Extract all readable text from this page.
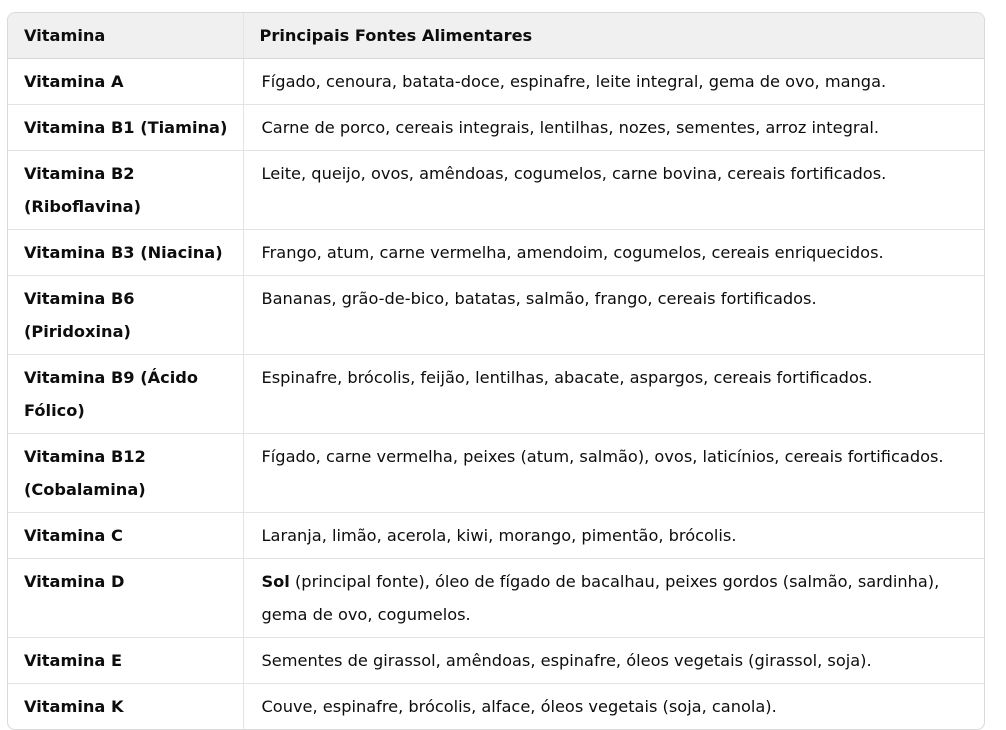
Vitamina	Principais Fontes Alimentares
Vitamina A	Fígado, cenoura, batata-doce, espinafre, leite integral, gema de ovo, manga.
Vitamina B1 (Tiamina)	Carne de porco, cereais integrais, lentilhas, nozes, sementes, arroz integral.
Vitamina B2 (Riboflavina)	Leite, queijo, ovos, amêndoas, cogumelos, carne bovina, cereais fortificados.
Vitamina B3 (Niacina)	Frango, atum, carne vermelha, amendoim, cogumelos, cereais enriquecidos.
Vitamina B6 (Piridoxina)	Bananas, grão-de-bico, batatas, salmão, frango, cereais fortificados.
Vitamina B9 (Ácido Fólico)	Espinafre, brócolis, feijão, lentilhas, abacate, aspargos, cereais fortificados.
Vitamina B12 (Cobalamina)	Fígado, carne vermelha, peixes (atum, salmão), ovos, laticínios, cereais fortificados.
Vitamina C	Laranja, limão, acerola, kiwi, morango, pimentão, brócolis.
Vitamina D	Sol (principal fonte), óleo de fígado de bacalhau, peixes gordos (salmão, sardinha), gema de ovo, cogumelos.
Vitamina E	Sementes de girassol, amêndoas, espinafre, óleos vegetais (girassol, soja).
Vitamina K	Couve, espinafre, brócolis, alface, óleos vegetais (soja, canola).
